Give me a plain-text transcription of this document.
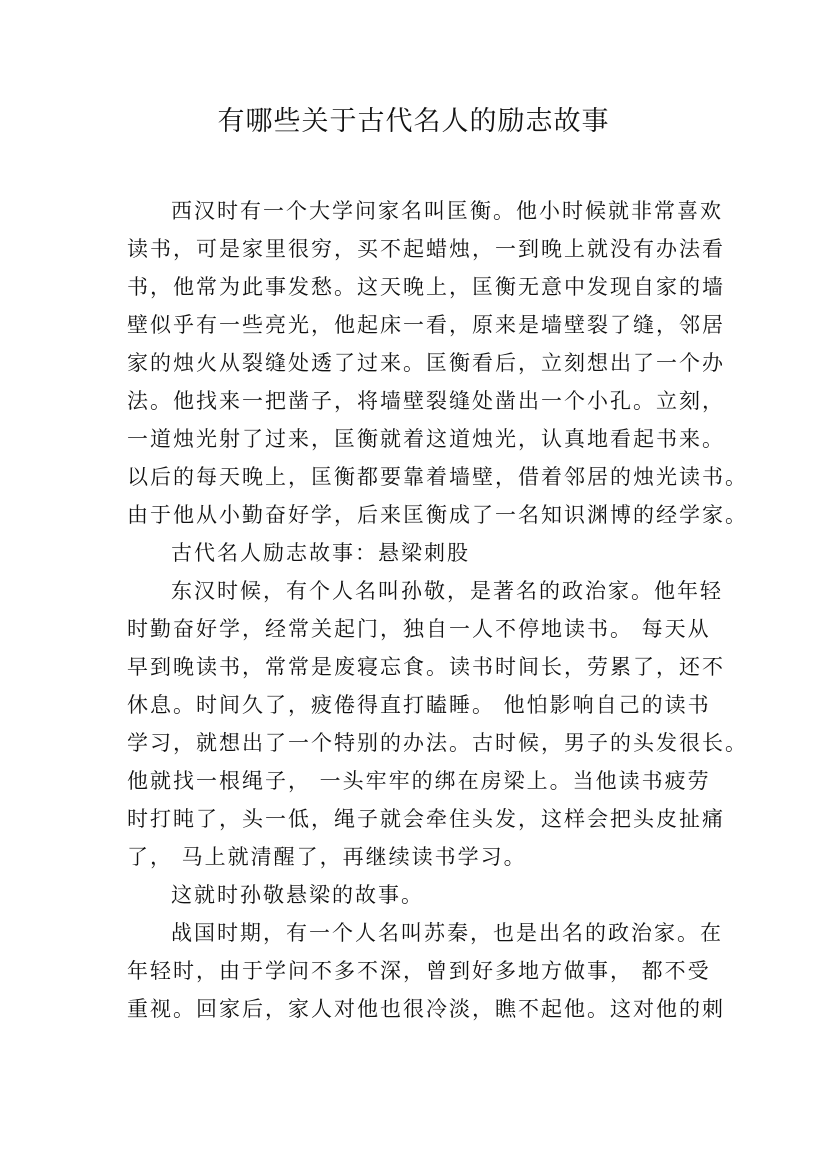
有哪些关于古代名人的励志故事
西汉时有一个大学问家名叫匡衡。他小时候就非常喜欢
读书，可是家里很穷，买不起蜡烛，一到晚上就没有办法看
书，他常为此事发愁。这天晚上，匡衡无意中发现自家的墙
壁似乎有一些亮光，他起床一看，原来是墙壁裂了缝，邻居
家的烛火从裂缝处透了过来。匡衡看后，立刻想出了一个办
法。他找来一把凿子，将墙壁裂缝处凿出一个小孔。立刻，
一道烛光射了过来，匡衡就着这道烛光，认真地看起书来。
以后的每天晚上，匡衡都要靠着墙壁，借着邻居的烛光读书。
由于他从小勤奋好学，后来匡衡成了一名知识渊博的经学家。
古代名人励志故事：悬梁刺股
东汉时候，有个人名叫孙敬，是著名的政治家。他年轻
时勤奋好学，经常关起门，独自一人不停地读书。 每天从
早到晚读书，常常是废寝忘食。读书时间长，劳累了，还不
休息。时间久了，疲倦得直打瞌睡。 他怕影响自己的读书
学习，就想出了一个特别的办法。古时候，男子的头发很长。
他就找一根绳子， 一头牢牢的绑在房梁上。当他读书疲劳
时打盹了，头一低，绳子就会牵住头发，这样会把头皮扯痛
了， 马上就清醒了，再继续读书学习。
这就时孙敬悬梁的故事。
战国时期，有一个人名叫苏秦，也是出名的政治家。在
年轻时，由于学问不多不深，曾到好多地方做事， 都不受
重视。回家后，家人对他也很冷淡，瞧不起他。这对他的刺
